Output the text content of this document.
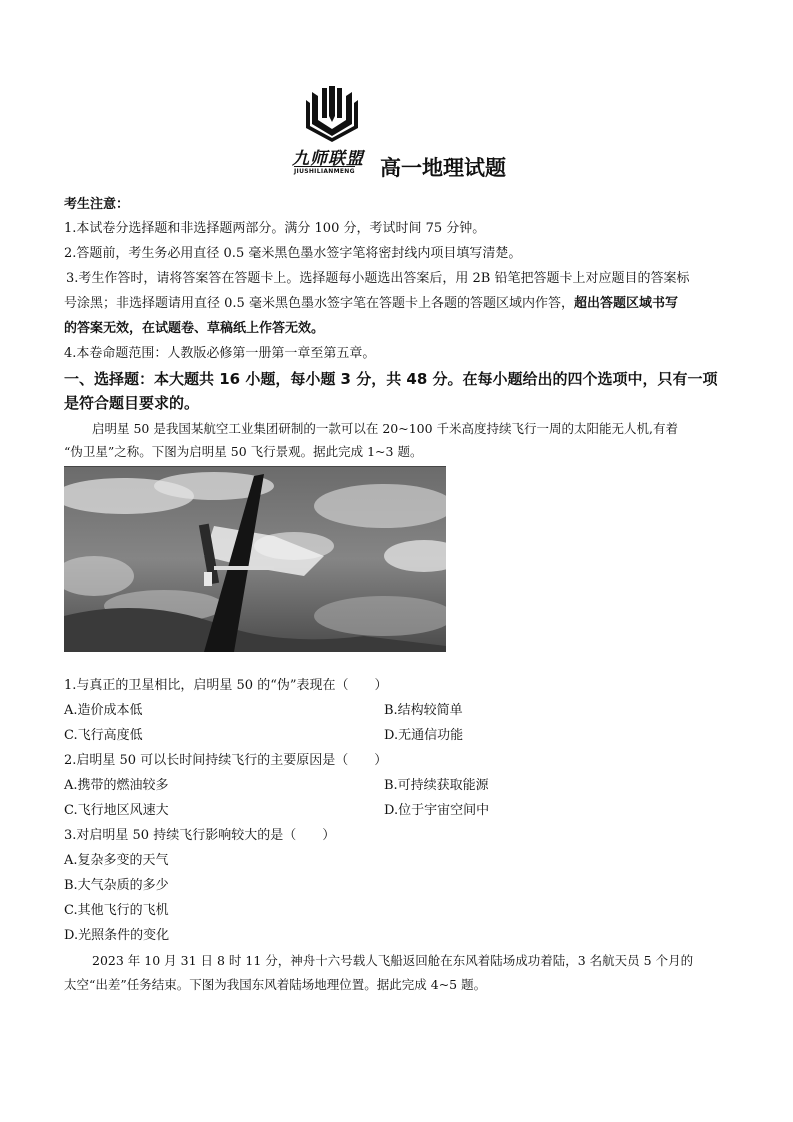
九师联盟
JIUSHILIANMENG 高一地理试题
考生注意：
1.本试卷分选择题和非选择题两部分。满分 100 分，考试时间 75 分钟。
2.答题前，考生务必用直径 0.5 毫米黑色墨水签字笔将密封线内项目填写清楚。
3.考生作答时，请将答案答在答题卡上。选择题每小题选出答案后，用 2B 铅笔把答题卡上对应题目的答案标
号涂黑；非选择题请用直径 0.5 毫米黑色墨水签字笔在答题卡上各题的答题区域内作答，超出答题区域书写
的答案无效，在试题卷、草稿纸上作答无效。
4.本卷命题范围：人教版必修第一册第一章至第五章。
一、选择题：本大题共 16 小题，每小题 3 分，共 48 分。在每小题给出的四个选项中，只有一项
是符合题目要求的。
启明星 50 是我国某航空工业集团研制的一款可以在 20~100 千米高度持续飞行一周的太阳能无人机,有着
“伪卫星”之称。下图为启明星 50 飞行景观。据此完成 1~3 题。
1.与真正的卫星相比，启明星 50 的“伪”表现在（　　）
A.造价成本低	B.结构较简单
C.飞行高度低	D.无通信功能
2.启明星 50 可以长时间持续飞行的主要原因是（　　）
A.携带的燃油较多	B.可持续获取能源
C.飞行地区风速大	D.位于宇宙空间中
3.对启明星 50 持续飞行影响较大的是（　　）
A.复杂多变的天气
B.大气杂质的多少
C.其他飞行的飞机
D.光照条件的变化
2023 年 10 月 31 日 8 时 11 分，神舟十六号载人飞船返回舱在东风着陆场成功着陆，3 名航天员 5 个月的
太空“出差”任务结束。下图为我国东风着陆场地理位置。据此完成 4~5 题。
